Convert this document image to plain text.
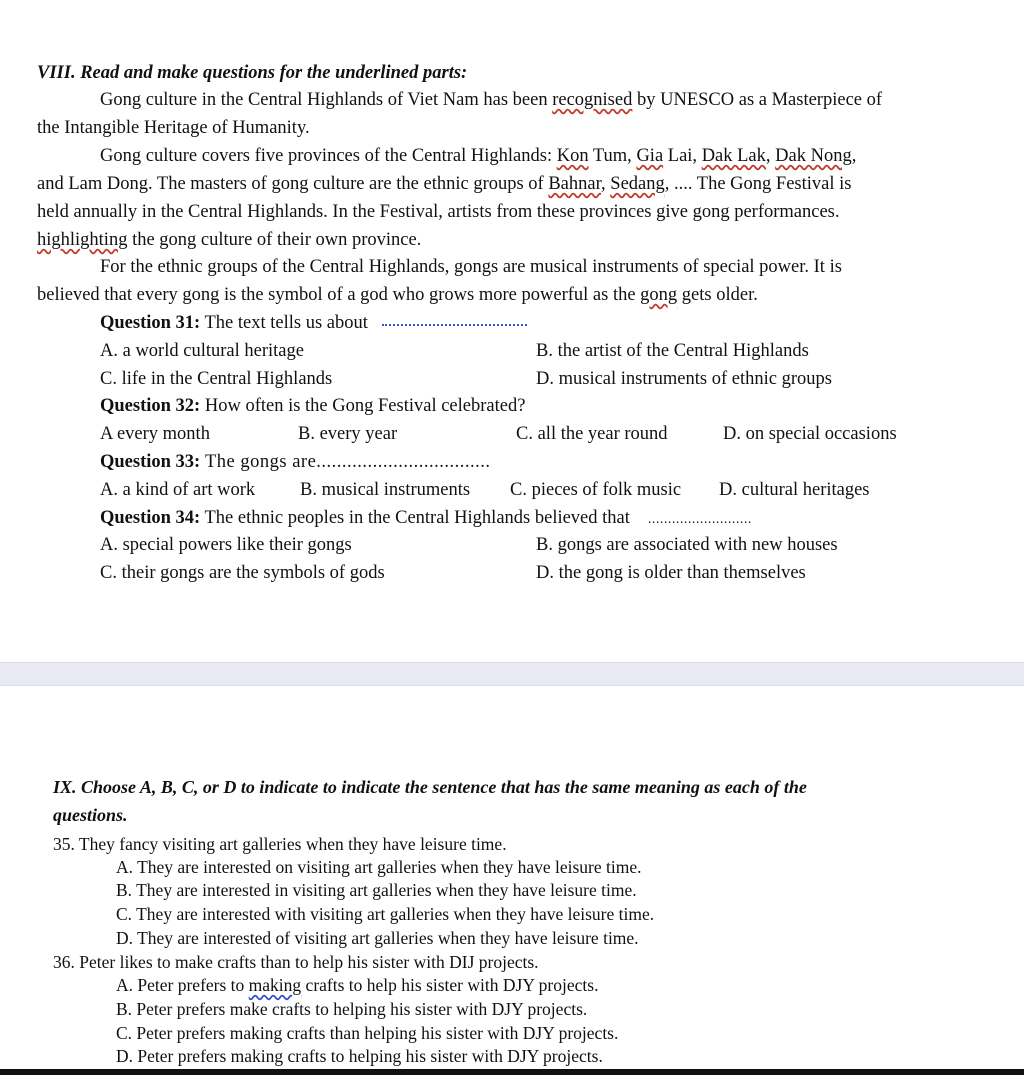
VIII. Read and make questions for the underlined parts:
Gong culture in the Central Highlands of Viet Nam has been recognised by UNESCO as a Masterpiece of
the Intangible Heritage of Humanity.
Gong culture covers five provinces of the Central Highlands: Kon Tum, Gia Lai, Dak Lak, Dak Nong,
and Lam Dong. The masters of gong culture are the ethnic groups of Bahnar, Sedang, .... The Gong Festival is
held annually in the Central Highlands. In the Festival, artists from these provinces give gong performances.
highlighting the gong culture of their own province.
For the ethnic groups of the Central Highlands, gongs are musical instruments of special power. It is
believed that every gong is the symbol of a god who grows more powerful as the gong gets older.
Question 31: The text tells us about
A. a world cultural heritage	B. the artist of the Central Highlands
C. life in the Central Highlands	D. musical instruments of ethnic groups
Question 32: How often is the Gong Festival celebrated?
A every month	B. every year	C. all the year round	D. on special occasions
Question 33: The gongs are..................................
A. a kind of art work B. musical instruments C. pieces of folk music D. cultural heritages
Question 34: The ethnic peoples in the Central Highlands believed that ..........................
A. special powers like their gongs	B. gongs are associated with new houses
C. their gongs are the symbols of gods	D. the gong is older than themselves
IX. Choose A, B, C, or D to indicate to indicate the sentence that has the same meaning as each of the
questions.
35. They fancy visiting art galleries when they have leisure time.
A. They are interested on visiting art galleries when they have leisure time.
B. They are interested in visiting art galleries when they have leisure time.
C. They are interested with visiting art galleries when they have leisure time.
D. They are interested of visiting art galleries when they have leisure time.
36. Peter likes to make crafts than to help his sister with DIJ projects.
A. Peter prefers to making crafts to help his sister with DJY projects.
B. Peter prefers make crafts to helping his sister with DJY projects.
C. Peter prefers making crafts than helping his sister with DJY projects.
D. Peter prefers making crafts to helping his sister with DJY projects.
